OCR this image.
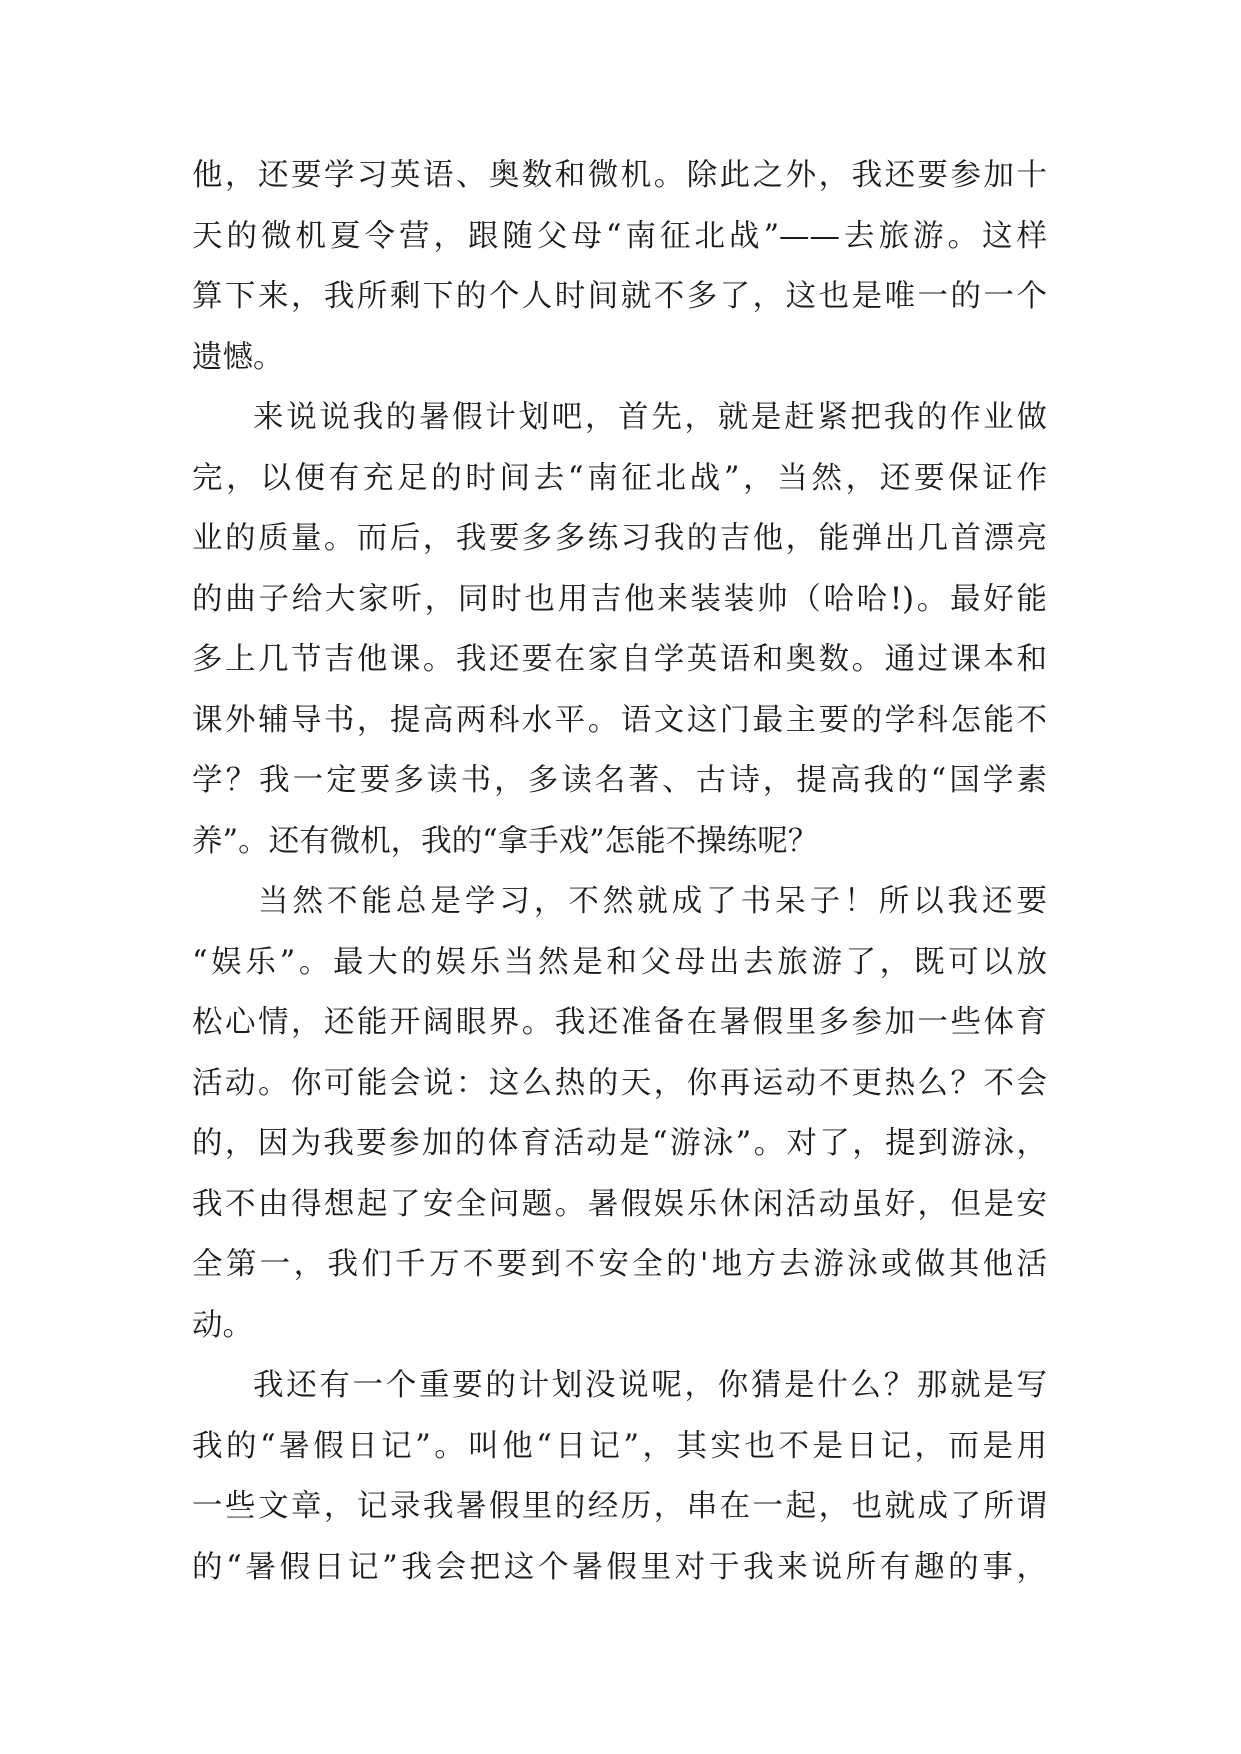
他，还要学习英语、奥数和微机。除此之外，我还要参加十
天的微机夏令营，跟随父母“南征北战”——去旅游。这样
算下来，我所剩下的个人时间就不多了，这也是唯一的一个
遗憾。
来说说我的暑假计划吧，首先，就是赶紧把我的作业做
完，以便有充足的时间去“南征北战”，当然，还要保证作
业的质量。而后，我要多多练习我的吉他，能弹出几首漂亮
的曲子给大家听，同时也用吉他来装装帅（哈哈!)。最好能
多上几节吉他课。我还要在家自学英语和奥数。通过课本和
课外辅导书，提高两科水平。语文这门最主要的学科怎能不
学？我一定要多读书，多读名著、古诗，提高我的“国学素
养”。还有微机，我的“拿手戏”怎能不操练呢？
当然不能总是学习，不然就成了书呆子！所以我还要
“娱乐”。最大的娱乐当然是和父母出去旅游了，既可以放
松心情，还能开阔眼界。我还准备在暑假里多参加一些体育
活动。你可能会说：这么热的天，你再运动不更热么？不会
的，因为我要参加的体育活动是“游泳”。对了，提到游泳，
我不由得想起了安全问题。暑假娱乐休闲活动虽好，但是安
全第一，我们千万不要到不安全的'地方去游泳或做其他活
动。
我还有一个重要的计划没说呢，你猜是什么？那就是写
我的“暑假日记”。叫他“日记”，其实也不是日记，而是用
一些文章，记录我暑假里的经历，串在一起，也就成了所谓
的“暑假日记”我会把这个暑假里对于我来说所有趣的事，
